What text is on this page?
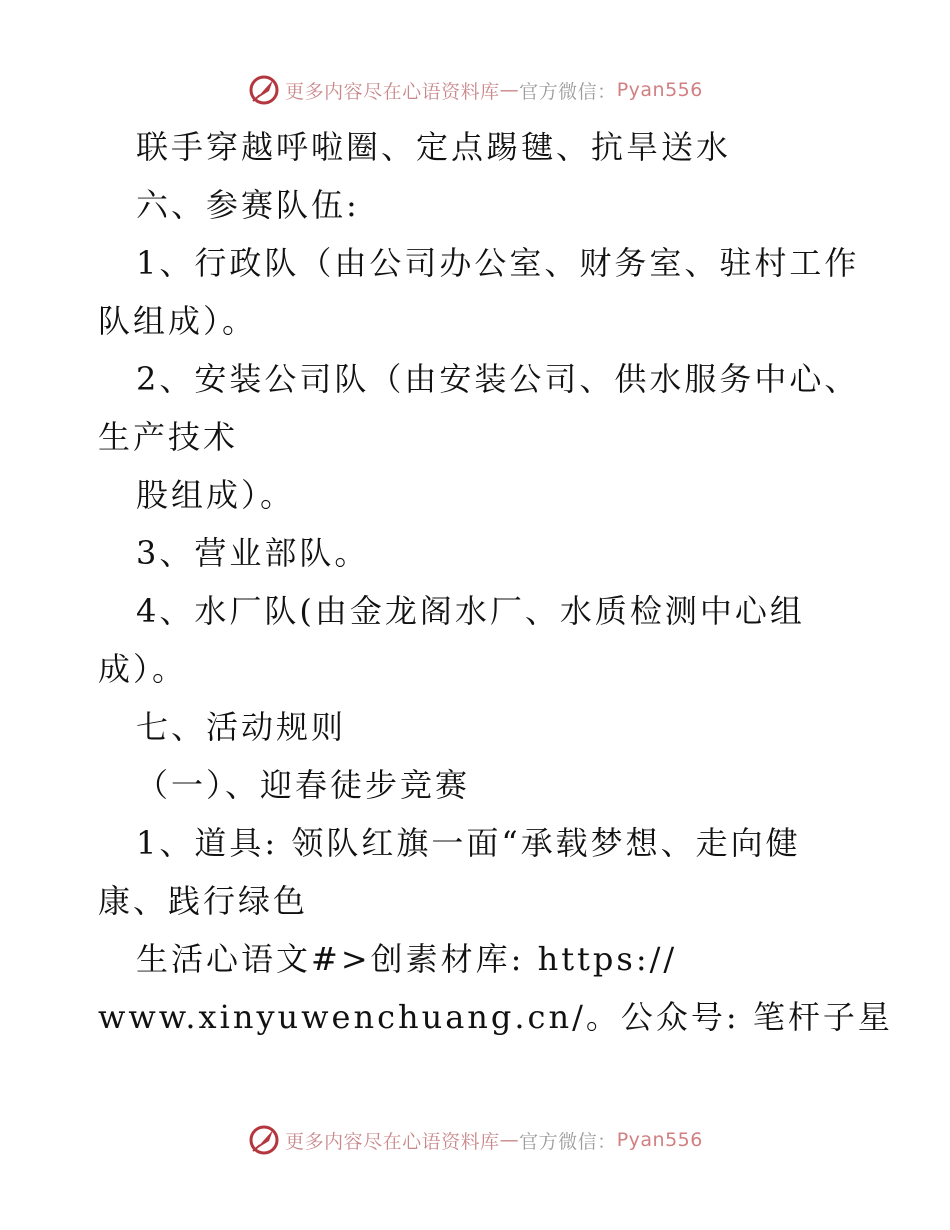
更多内容尽在心语资料库 — 官方微信： Pyan556
联手穿越呼啦圈、定点踢毽、抗旱送水
六、参赛队伍:
1、行政队（由公司办公室、财务室、驻村工作
队组成）。
2、安装公司队（由安装公司、供水服务中心、
生产技术
股组成）。
3、营业部队。
4、水厂队(由金龙阁水厂、水质检测中心组
成）。
七、活动规则
（一）、迎春徒步竞赛
1、道具: 领队红旗一面“承载梦想、走向健
康、践行绿色
生活心语文#>创素材库: https://
www.xinyuwenchuang.cn/。公众号: 笔杆子星
更多内容尽在心语资料库 — 官方微信： Pyan556
